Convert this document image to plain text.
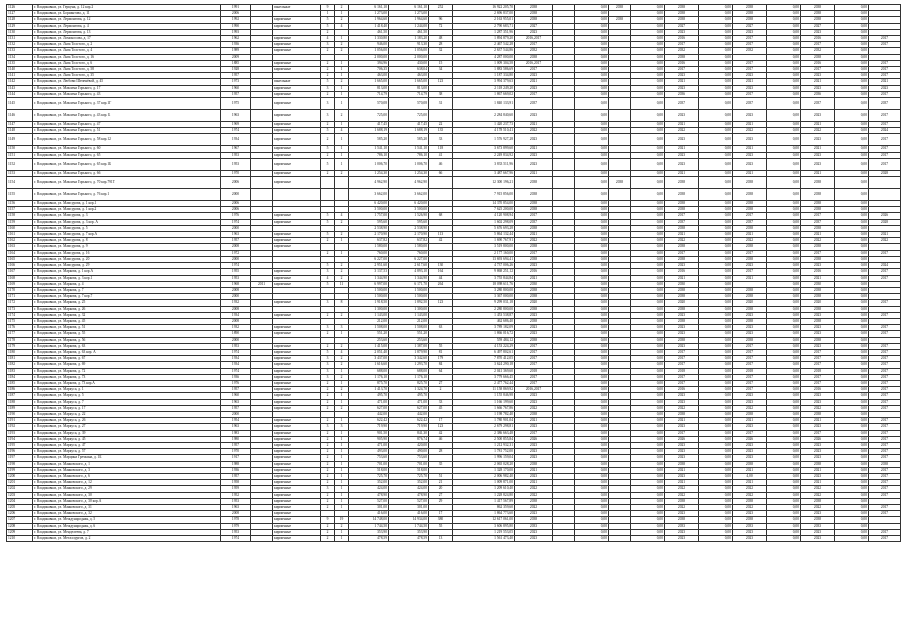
1126	г. Владикавказ, ул. Герцена, д. 12 кор.2	1991		панельные	9	2	6 161,10	6 161,10	252	16 922 205,70	2038		0,00	2038	0,00	2038	0,00	2038	0,00	2038	0,00	
1127	г. Владикавказ, ул. Бориантова, д. 11	2006			1	1	1 273,00	1 273,00		2 696 837,00	2038		0,00		0,00	2038	0,00	2038	0,00	2038	0,00	
1128	г. Владикавказ, ул. Лермонтова, д. 12	1992		кирпичные	5	2	1 964,60	1 964,60	96	2 163 955,01	2038		0,00	2038	0,00	2038	0,00	2038	0,00	2038	0,00	
1129	г. Владикавказ, ул. Лермонтова, д. 4	1990		кирпичные	5	4	1 418,40	1 244,00	72	2 790 683,71	2027		0,00		0,00	2027	0,00	2027	0,00	2027	0,00	
1130	г. Владикавказ, ул. Лермонтова, д. 13	1993			2		461,50	461,50		1 287 351,96	2023		0,00		0,00	2023	0,00	2023	0,00	2023	0,00	
1131	г. Владикавказ, ул. Ломоносова, д. 17	1962		кирпичные	4	1	1 330,80	1 183,20	48	1 894 879,20	2016,2017		0,00		0,00	2016	0,00	2017	0,00	2016	0,00	2017
1132	г. Владикавказ, ул. Льва Толстого, д. 2	1936		кирпичные	3	2	946,00	913,30	28	2 467 542,28	2017		0,00		0,00	2017	0,00	2017	0,00	2017	0,00	2017
1133	г. Владикавказ, ул. Льва Толстого, д. 4	1989		кирпичные	2	2	1 056,00	1 056,00	32	2 637 544,86	2032		0,00		0,00	2032	0,00	2032	0,00	2032	0,00	
1134	г. Владикавказ, ул. Льва Толстого, д. 16	2009					2 000,00	2 000,00		4 287 000,00	2038		0,00		0,00	2038	0,00		0,00	2038	0,00	
1135	г. Владикавказ, ул. Льва Толстого, д. 6	1885		кирпичные	2	1	394,96	430,00	15	1 009 304,58	2016,2017		0,00		0,00	2016	0,00	2017	0,00	2016	0,00	2017
1140	г. Владикавказ, ул. Льва Толстого, д. 58	1928		кирпичные	2	1	706,35	638,04	34	1 883 586,69	2017		0,00		0,00	2017	0,00	2017	0,00	2017	0,00	2017
1141	г. Владикавказ, ул. Льва Толстого, д. 35	1957			2	1	463,00	463,00		1 187 334,80	2023		0,00		0,00	2023	0,00	2023	0,00	2023	0,00	2017
1142	г. Владикавказ, ул. Любови Шепенёвой, д. 45	1973		панельные	5	2	1 665,00	1 665,00	123	3 994 379,63	2021		0,00		0,00	2021	0,00	2021	0,00	2021	0,00	2021
1143	г. Владикавказ, ул. Максима Горького, д. 17	1960		кирпичные	3	1	813,00	813,00		2 118 249,20	2023		0,00		0,00	2023	0,00	2023	0,00	2023	0,00	2023
1144	г. Владикавказ, ул. Максима Горького, д. 43	1957		кирпичные	2	1	714,79	714,79	38	1 867 669,02	2017		0,00		0,00	2036	0,00	2017	0,00	2036	0,00	2017
1145	г. Владикавказ, ул. Максима Горького, д. 37 кор.1Г	1975		кирпичные	3	1	570,08	570,08	31	1 840 133,91	2037		0,00		0,00	2037	0,00	2037	0,00	2037	0,00	2037
1146	г. Владикавказ, ул. Максима Горького, д. 43 кор. Б	1963		кирпичные	3	2	725,00	725,00		2 284 840,60	2023		0,00		0,00	2023	0,00	2023	0,00	2023	0,00	2017
1147	г. Владикавказ, ул. Максима Горького, д. 47	1969		кирпичные	2	1	417,45	417,45	22	1 420 237,73	2021		0,00		0,00	2021	0,00	2021	0,00	2021	0,00	2017
1148	г. Владикавказ, ул. Максима Горького, д. 51	1974		кирпичные	5	4	1 688,19	1 688,19	135	4 178 510,41	2022		0,00		0,00	2022	0,00	2022	0,00	2022	0,00	2024
1149	г. Владикавказ, ул. Максима Горького, д. 58 кор.12	1934		кирпичные	2	1	585,20	585,20	33	1 576 927,28	2023		0,00		0,00	2023	0,00	2023	0,00	2023	0,00	2017
1150	г. Владикавказ, ул. Максима Горького, д. 60	1967		кирпичные	5	1	1 541,10	1 541,10	118	3 673 899,60	2021		0,00		0,00	2021	0,00	2021	0,00	2021	0,00	2017
1151	г. Владикавказ, ул. Максима Горького, д. 65	1953		кирпичные	2	1	786,10	786,10	41	2 249 834,92	2023		0,00		0,00	2023	0,00	2023	0,00	2023	0,00	2017
1152	г. Владикавказ, ул. Максима Горького, д. 65 кор.1Б	1953		кирпичные	5	1	1 006,70	1 006,70	46	3 833 511,96	2023		0,00		0,00	2023	0,00	2023	0,00	2023	0,00	2017
1153	г. Владикавказ, ул. Максима Горького, д. 66	1970		кирпичные	2	2	1 254,30	1 254,30	66	3 487 667,96	2021		0,00		0,00	2021	0,00	2021	0,00	2021	0,00	2028
1154	г. Владикавказ, ул. Максима Горького, д. 70 кор.791Т	2006		кирпичные			4 962,90	4 962,90		12 300 196,21	2038		0,00	2038	0,00	2038	0,00	2038	0,00	2038	0,00	
1155	г. Владикавказ, ул. Максима Горького, д. 76 кор.1	2000					3 662,00	3 662,00		7 915 856,00	2038		0,00		0,00	2038	0,00	2038	0,00	2038	0,00	
1156	г. Владикавказ, ул. Мамсурова, д. 1 кор.1	2006					6 420,00	6 420,00		14 370 854,00	2038		0,00		0,00	2038	0,00	2038	0,00	2038	0,00	
1157	г. Владикавказ, ул. Мамсурова, д. 1 кор.2	2006					3 500,00	3 500,00		7 625 200,00	2038		0,00		0,00	2038	0,00	2038	0,00	2038	0,00	
1158	г. Владикавказ, ул. Мамсурова, д. 3	1976		кирпичные	5	4	1 757,00	1 526,90	68	4 120 908,94	2017		0,00		0,00	2017	0,00	2017	0,00	2017	0,00	2026
1159	г. Владикавказ, ул. Мамсурова, д. 3 кор. А	1974		кирпичные	5	2	595,60	595,60		1 602 298,09	2037		0,00		0,00	2037	0,00	2037	0,00	2037	0,00	2028
1160	г. Владикавказ, ул. Мамсурова, д. 5	2000					2 538,90	2 538,90		5 676 693,28	2038		0,00		0,00	2038	0,00	2038	0,00	2038	0,00	
1161	г. Владикавказ, ул. Мамсурова, д. 7 кор.А	1963		кирпичные	5	2	2 170,90	2 170,90	113	5 864 132,44	2021		0,00		0,00	2021	0,00	2021	0,00	2021	0,00	2021
1162	г. Владикавказ, ул. Мамсурова, д. 8	1957		кирпичные	2	1	637,82	637,82	42	1 690 767,91	2022		0,00		0,00	2022	0,00	2022	0,00	2022	0,00	2022
1163	г. Владикавказ, ул. Мамсурова, д. 9	2008		кирпичные			1 580,00	1 580,00		3 519 800,00	2038		0,00		0,00	2038	0,00	2038	0,00	2038	0,00	
1164	г. Владикавказ, ул. Мамсурова, д. 16	1972			2	1	760,00	760,00		2 177 160,00	2017		0,00		0,00	2017	0,00	2017	0,00	2017	0,00	2017
1165	г. Владикавказ, ул. Мамсурова, д. 20	2000					6 227,00	6 227,00		13 693 694,41	2038		0,00		0,00	2038	0,00	2038	0,00	2038	0,00	
1166	г. Владикавказ, ул. Мамсурова, д. 29	1974			5	2	2 951,60	2 617,60	130	4 737 006,26	2023		0,00		0,00	2023	0,00	2023	0,00	2023	0,00	2024
1167	г. Владикавказ, ул. Маркова, д. 1 кор.А	1955		кирпичные	3	2	3 137,53	4 893,10	164	9 868 251,12	2016		0,00		0,00	2016	0,00	2017	0,00	2016	0,00	2017
1168	г. Владикавказ, ул. Маркова, д. 3 кор.1	1953		кирпичные	4	2	1 344,90	1 344,90	44	3 755 844,84	2021		0,00		0,00	2021	0,00	2021	0,00	2021	0,00	2017
1169	г. Владикавказ, ул. Маркова, д. 4	1968	2011	кирпичные	5	11	6 997,00	6 171,70	264	18 098 611,76	2030		0,00		0,00	2030	0,00		0,00	2030	0,00	
1170	г. Владикавказ, ул. Маркова, д. 7	2008					1 500,00	1 500,00		3 280 800,00	2038		0,00		0,00	2038	0,00	2038	0,00	2038	0,00	
1171	г. Владикавказ, ул. Маркова, д. 7 кор.7	2000					1 500,00	1 500,00		3 367 000,00	2038		0,00		0,00	2038	0,00	2038	0,00	2038	0,00	
1172	г. Владикавказ, ул. Маркова, д. 25	1932		кирпичные	3	8	1 918,50	1 892,50	123	9 299 031,18	2020		0,00		0,00	2020	0,00	2020	0,00	2020	0,00	2017
1173	г. Владикавказ, ул. Маркова, д. 26	2008					1 300,00	1 300,00		2 280 800,00	2038		0,00		0,00	2038	0,00	2038	0,00	2038	0,00	
1174	г. Владикавказ, ул. Маркова, д. 32	1934		кирпичные	2	2	1 143,00	1 143,00		1 453 538,87	2023		0,00		0,00	2023	0,00	2023	0,00	2023	0,00	2017
1175	г. Владикавказ, ул. Маркова, д. 45	2008					212,00	212,00		462 686,40	2038		0,00		0,00	2038	0,00	2038	0,00	2038	0,00	
1176	г. Владикавказ, ул. Маркова, д. 51	1932		кирпичные	3	3	1 508,00	1 508,00	63	3 789 182,09	2023		0,00		0,00	2023	0,00	2023	0,00	2023	0,00	2017
1177	г. Владикавказ, ул. Маркова, д. 55	1890		кирпичные	2	1	551,20	551,20		1 866 016,72	2023		0,00		0,00	2023	0,00	2023	0,00	2023	0,00	2017
1178	г. Владикавказ, ул. Маркова, д. 56	2000					253,60	253,60		559 484,12	2038		0,00		0,00	2038	0,00	2038	0,00	2038	0,00	
1179	г. Владикавказ, ул. Маркова, д. 63	1953		кирпичные	2	2	1 415,00	1 387,00	55	4 153 224,29	2017		0,00		0,00	2023	0,00	2017	0,00	2023	0,00	2017
1180	г. Владикавказ, ул. Маркова, д. 63 кор. А	1974		кирпичные	5	4	2 051,40	1 879,90	81	6 497 802,61	2017		0,00		0,00	2017	0,00	2017	0,00	2017	0,00	2017
1181	г. Владикавказ, ул. Маркова, д. 67	1934		кирпичные	3	2	3 437,00	3 342,60	179	7 870 412,05	2017		0,00		0,00	2017	0,00	2017	0,00	2017	0,00	2017
1182	г. Владикавказ, ул. Маркова, д. 69	1934		кирпичные	3	2	1 616,60	1 293,70	84	3 624 290,18	2017		0,00		0,00	2017	0,00	2017	0,00	2017	0,00	2017
1183	г. Владикавказ, ул. Маркова, д. 72	1974		кирпичные	3	1	688,00	688,00	64	2 041 369,60	2018		0,00		0,00	2018	0,00	2018	0,00	2018	0,00	2017
1184	г. Владикавказ, ул. Маркова, д. 73	1936		кирпичные	3	2	1 176,10	1 176,10		3 779 666,45	2017		0,00		0,00	2017	0,00	2017	0,00	2017	0,00	2017
1185	г. Владикавказ, ул. Маркова, д. 73 кор.А	1976		кирпичные	2	1	875,70	825,70	27	2 477 762,44	2017		0,00		0,00	2017	0,00	2017	0,00	2017	0,00	2017
1186	г. Владикавказ, ул. Маркуса, д. 1	1957		кирпичные	2	2	1 413,70	1 324,70	2	11 158 869,92	2016,2017		0,00		0,00	2016	0,00	2017	0,00	2016	0,00	2017
1187	г. Владикавказ, ул. Маркуса, д. 5	1960		кирпичные	2	1	495,70	495,70		1 155 846,98	2023		0,00		0,00	2023	0,00	2023	0,00	2023	0,00	2017
1188	г. Владикавказ, ул. Маркуса, д. 7	1963		кирпичные	2	1	471,00	471,00	33	1 166 199,60	2023		0,00		0,00	2023	0,00	2023	0,00	2023	0,00	2017
1189	г. Владикавказ, ул. Маркуса, д. 17	1957		кирпичные	2	2	627,00	627,00	45	1 666 767,86	2022		0,00		0,00	2022	0,00	2022	0,00	2022	0,00	2017
1190	г. Владикавказ, ул. Маркуса, д. 22	2000					442,00	442,00		1 198 782,40	2038		0,00		0,00	2038	0,00	2038	0,00	2038	0,00	
1191	г. Владикавказ, ул. Маркуса, д. 26	1954		кирпичные	2	1	622,42	622,42	17	1 780 901,04	2021		0,00		0,00	2021	0,00	2021	0,00	2021	0,00	2017
1192	г. Владикавказ, ул. Маркуса, д. 27	1963		кирпичные	3	3	719,90	719,90	123	2 679 298,81	2023		0,00		0,00	2023	0,00	2023	0,00	2023	0,00	2017
1193	г. Владикавказ, ул. Маркуса, д. 39	1983		кирпичные	2	1	901,50	841,30	42	2 386 663,48	2017		0,00		0,00	2017	0,00	2017	0,00	2017	0,00	2017
1194	г. Владикавказ, ул. Маркуса, д. 45	1980		кирпичные	2	1	905,90	876,74	46	2 500 855,84	2026		0,00		0,00	2026	0,00	2026	0,00	2026	0,00	2017
1195	г. Владикавказ, ул. Маркуса, д. 47	1957		кирпичные	2	1	471,00	420,00		1 212 932,31	2023		0,00		0,00	2023	0,00	2023	0,00	2023	0,00	2017
1196	г. Владикавказ, ул. Маркуса, д. 57	1970		кирпичные	2	1	493,00	490,00	28	1 781 752,00	2023		0,00		0,00	2023	0,00	2023	0,00	2023	0,00	2017
1197	г. Владикавказ, ул. Марцина Гречкина, д. 1Б	1917		кирпичные	2	1	753,60	753,60		1 996 159,04	2023		0,00		0,00	2023	0,00	2023	0,00	2023	0,00	2017
1198	г. Владикавказ, ул. Маяковского, д. 1	1988		кирпичные	2	1	701,00	701,00	35	2 065 028,20	2038		0,00		0,00	2038	0,00	2038	0,00	2038	0,00	2038
1199	г. Владикавказ, ул. Маяковского, д. 3	1936		кирпичные	2	1	518,00	518,00		1 328 170,00	2021		0,00		0,00	2021	0,00	2021	0,00	2021	0,00	2017
1200	г. Владикавказ, ул. Маяковского, д. 6	1957		кирпичные	2	1	725,70	725,70	51	2 006 982,40	2023		0,00		0,00	2023	0,00	4,00	0,00	2023	0,00	2017
1201	г. Владикавказ, ул. Маяковского, д. 12	1958		кирпичные	2	1	352,00	352,00	21	1 009 871,00	2021		0,00		0,00	2021	0,00	2021	0,00	2021	0,00	2017
1202	г. Владикавказ, ул. Маяковского, д. 29	1959		кирпичные	3	1	424,00	424,00	20	1 209 610,40	2022		0,00		0,00	2022	0,00	2022	0,00	2022	0,00	2017
1203	г. Владикавказ, ул. Маяковского, д. 30	1952		кирпичные	2	1	478,90	478,90	27	1 228 824,80	2022		0,00		0,00	2022	0,00	2022	0,00	2022	0,00	2017
1204	г. Владикавказ, ул. Маяковского, д. 30 кор.А	1953		кирпичные	2	1	527,00	527,00	29	1 417 567,89	2038		0,00		0,00	2038	0,00	2038	0,00	2038	0,00	
1205	г. Владикавказ, ул. Маяковского, д. 31	1963		кирпичные	2	1	301,00	301,00		862 359,60	2022		0,00		0,00	2022	0,00	2022	0,00	2022	0,00	2017
1206	г. Владикавказ, ул. Маяковского, д. 32	2008		кирпичные			416,00	416,00	17	1 864 773,60	2023		0,00		0,00	2023	0,00	2023	0,00	2023	0,00	2017
1207	г. Владикавказ, ул. Международная, д. 5	1978		кирпичные	9	19	14 748,00	14 934,00	380	12 617 061,00	2038		0,00		0,00	2038	0,00	2038	0,00	2038	0,00	
1208	г. Владикавказ, ул. Международная, д. 6	1979		кирпичные	2	2	1 744,50	1 744,50	55	3 606 895,80	2033		0,00		0,00	2033	0,00	2033	0,00	2033	0,00	
1209	г. Владикавказ, ул. Менделеева, д. 7	1953		кирпичные	2	1	353,90	353,90		1 219 553,05	2023		0,00		0,00	2023	0,00	2023	0,00	2023	0,00	2017
1210	г. Владикавказ, ул. Металлургов, д. 2	1974		кирпичные	2	1	478,59	478,59	13	1 561 473,40	2023		0,00		0,00	2023	0,00	2023	0,00	2023	0,00	2017
